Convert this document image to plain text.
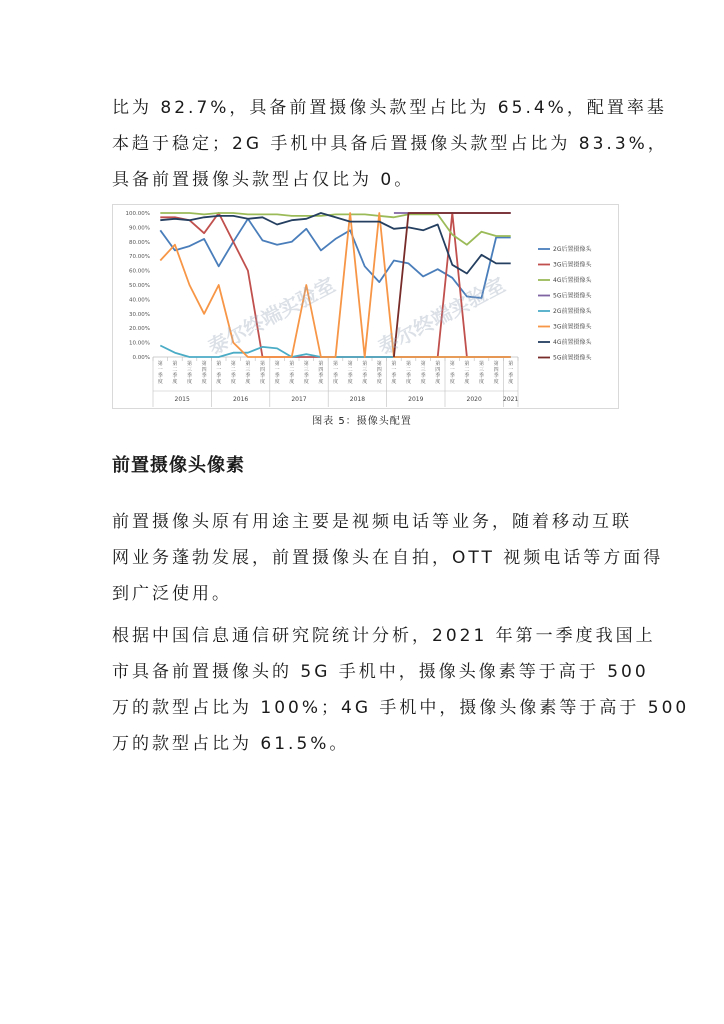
比为 82.7%，具备前置摄像头款型占比为 65.4%，配置率基
本趋于稳定；2G 手机中具备后置摄像头款型占比为 83.3%，
具备前置摄像头款型占仅比为 0。
100.00%
90.00%
80.00%
70.00%
60.00%
50.00%
40.00%
30.00%
20.00%
10.00%
0.00%
第一季度
第二季度
第三季度
第四季度
第一季度
第二季度
第三季度
第四季度
第一季度
第二季度
第三季度
第四季度
第一季度
第二季度
第三季度
第四季度
第一季度
第二季度
第三季度
第四季度
第一季度
第二季度
第三季度
第四季度
第一季度
2015	2016	2017	2018	2019	2020	2021
2G后置摄像头
3G后置摄像头
4G后置摄像头
5G后置摄像头
2G前置摄像头
3G前置摄像头
4G前置摄像头
5G前置摄像头
泰尔终端实验室 泰尔终端实验室
图表 5：摄像头配置
前置摄像头像素
前置摄像头原有用途主要是视频电话等业务，随着移动互联
网业务蓬勃发展，前置摄像头在自拍，OTT 视频电话等方面得
到广泛使用。
根据中国信息通信研究院统计分析，2021 年第一季度我国上
市具备前置摄像头的 5G 手机中，摄像头像素等于高于 500
万的款型占比为 100%；4G 手机中，摄像头像素等于高于 500
万的款型占比为 61.5%。
